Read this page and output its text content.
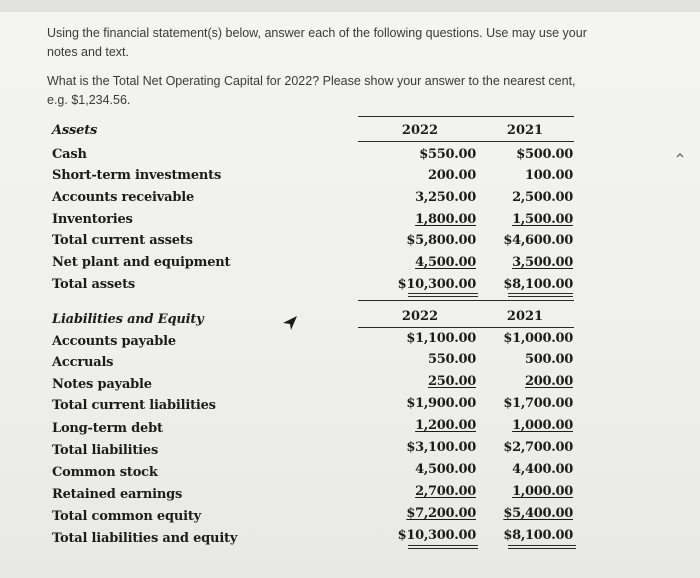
Using the financial statement(s) below, answer each of the following questions. Use may use your notes and text.
What is the Total Net Operating Capital for 2022? Please show your answer to the nearest cent, e.g. $1,234.56.
Assets	2022	2021
Cash	$550.00	$500.00
Short-term investments	200.00	100.00
Accounts receivable	3,250.00	2,500.00
Inventories	1,800.00	1,500.00
Total current assets	$5,800.00	$4,600.00
Net plant and equipment	4,500.00	3,500.00
Total assets	$10,300.00	$8,100.00
Liabilities and Equity	2022	2021
Accounts payable	$1,100.00	$1,000.00
Accruals	550.00	500.00
Notes payable	250.00	200.00
Total current liabilities	$1,900.00	$1,700.00
Long-term debt	1,200.00	1,000.00
Total liabilities	$3,100.00	$2,700.00
Common stock	4,500.00	4,400.00
Retained earnings	2,700.00	1,000.00
Total common equity	$7,200.00	$5,400.00
Total liabilities and equity	$10,300.00	$8,100.00
